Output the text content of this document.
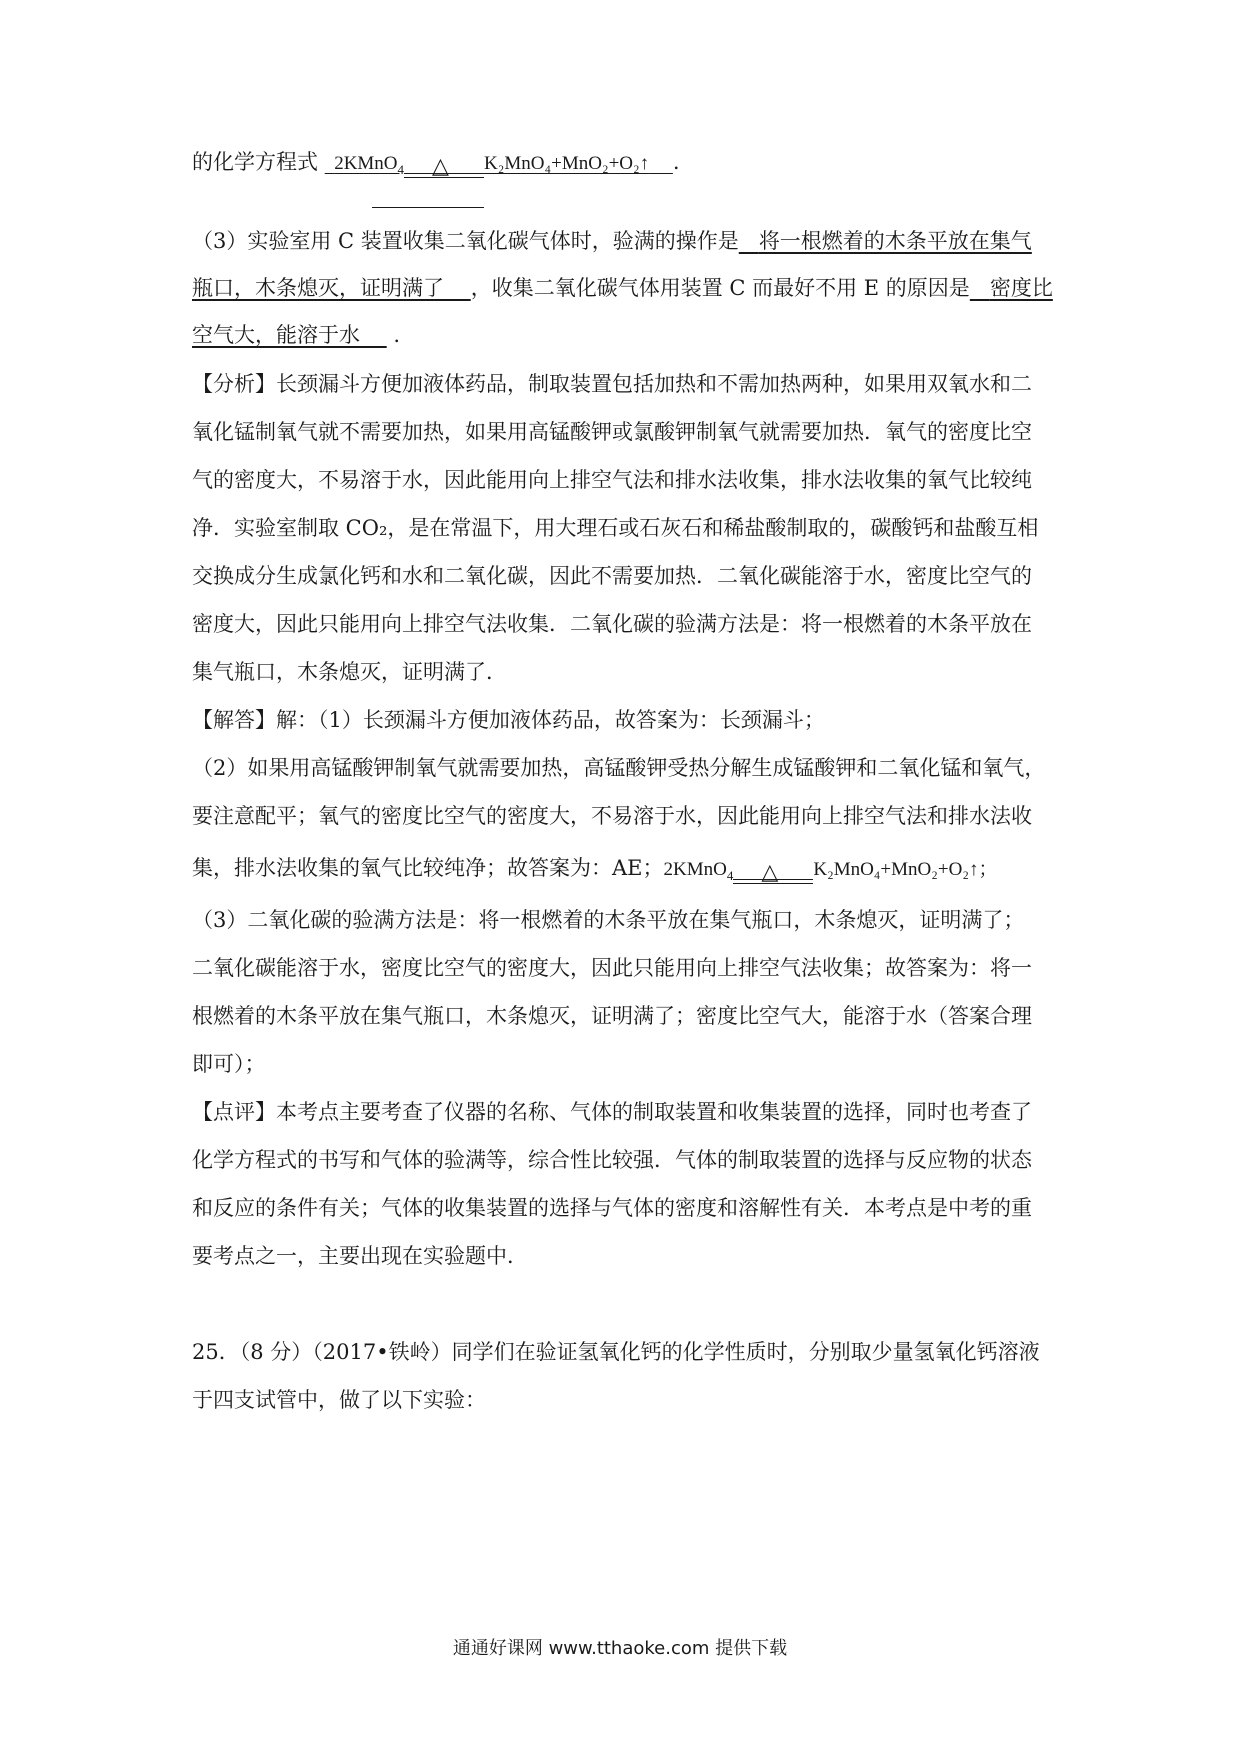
的化学方程式 2KMnO$_4$ △ K₂MnO₄+MnO₂+O₂↑ .
（3）实验室用 C 装置收集二氧化碳气体时，验满的操作是 将一根燃着的木条平放在集气
瓶口，木条熄灭，证明满了 ，收集二氧化碳气体用装置 C 而最好不用 E 的原因是 密度比
空气大，能溶于水 .
【分析】长颈漏斗方便加液体药品，制取装置包括加热和不需加热两种，如果用双氧水和二
氧化锰制氧气就不需要加热，如果用高锰酸钾或氯酸钾制氧气就需要加热．氧气的密度比空
气的密度大，不易溶于水，因此能用向上排空气法和排水法收集，排水法收集的氧气比较纯
净．实验室制取 CO₂，是在常温下，用大理石或石灰石和稀盐酸制取的，碳酸钙和盐酸互相
交换成分生成氯化钙和水和二氧化碳，因此不需要加热．二氧化碳能溶于水，密度比空气的
密度大，因此只能用向上排空气法收集．二氧化碳的验满方法是：将一根燃着的木条平放在
集气瓶口，木条熄灭，证明满了．
【解答】解：（1）长颈漏斗方便加液体药品，故答案为：长颈漏斗；
（2）如果用高锰酸钾制氧气就需要加热，高锰酸钾受热分解生成锰酸钾和二氧化锰和氧气，
要注意配平；氧气的密度比空气的密度大，不易溶于水，因此能用向上排空气法和排水法收
集，排水法收集的氧气比较纯净；故答案为：AE；2KMnO$_4$ △ K₂MnO₄+MnO₂+O₂↑；
（3）二氧化碳的验满方法是：将一根燃着的木条平放在集气瓶口，木条熄灭，证明满了；
二氧化碳能溶于水，密度比空气的密度大，因此只能用向上排空气法收集；故答案为：将一
根燃着的木条平放在集气瓶口，木条熄灭，证明满了；密度比空气大，能溶于水（答案合理
即可）；
【点评】本考点主要考查了仪器的名称、气体的制取装置和收集装置的选择，同时也考查了
化学方程式的书写和气体的验满等，综合性比较强．气体的制取装置的选择与反应物的状态
和反应的条件有关；气体的收集装置的选择与气体的密度和溶解性有关．本考点是中考的重
要考点之一，主要出现在实验题中．
25．（8 分）（2017•铁岭）同学们在验证氢氧化钙的化学性质时，分别取少量氢氧化钙溶液
于四支试管中，做了以下实验：
通通好课网 www.tthaoke.com 提供下载
